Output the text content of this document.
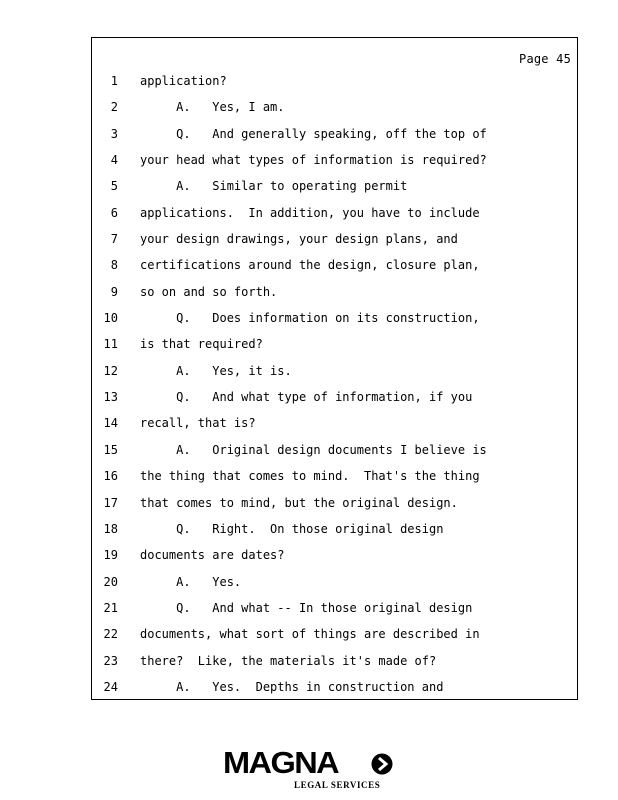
Page 45
1 application?
2 A.   Yes, I am.
3 Q.   And generally speaking, off the top of
4 your head what types of information is required?
5 A.   Similar to operating permit
6 applications.  In addition, you have to include
7 your design drawings, your design plans, and
8 certifications around the design, closure plan,
9 so on and so forth.
10 Q.   Does information on its construction,
11 is that required?
12 A.   Yes, it is.
13 Q.   And what type of information, if you
14 recall, that is?
15 A.   Original design documents I believe is
16 the thing that comes to mind.  That's the thing
17 that comes to mind, but the original design.
18 Q.   Right.  On those original design
19 documents are dates?
20 A.   Yes.
21 Q.   And what -- In those original design
22 documents, what sort of things are described in
23 there?  Like, the materials it's made of?
24 A.   Yes.  Depths in construction and
MAGNA
LEGAL SERVICES
